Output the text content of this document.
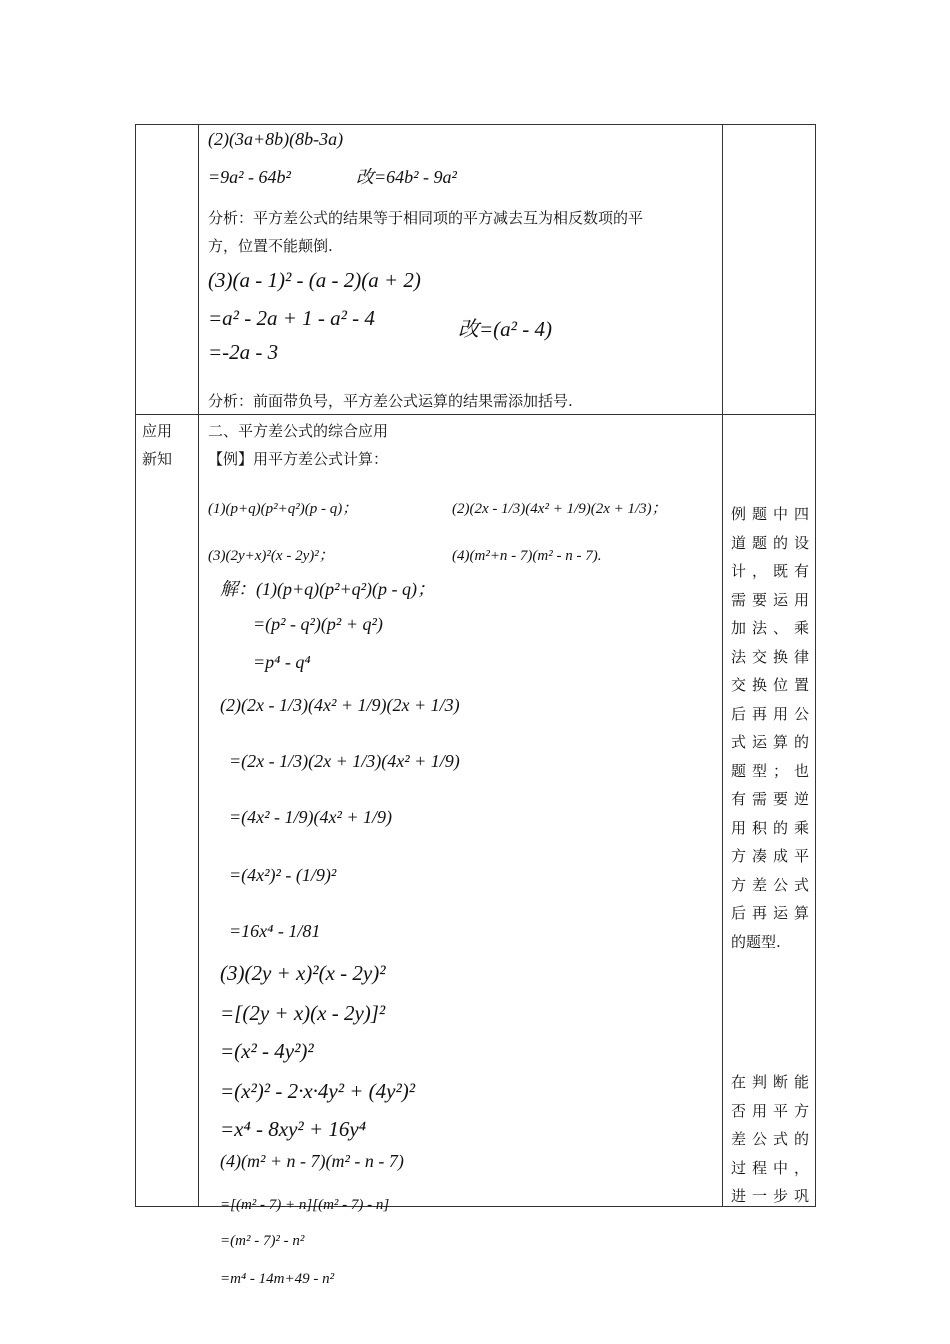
(2)(3a+8b)(8b-3a)
=9a² - 64b²	改=64b² - 9a²
分析：平方差公式的结果等于相同项的平方减去互为相反数项的平
方，位置不能颠倒.
(3)(a - 1)² - (a - 2)(a + 2)
=a² - 2a + 1 - a² - 4	改=(a² - 4)
=-2a - 3
分析：前面带负号，平方差公式运算的结果需添加括号.
应用
新知
二、平方差公式的综合应用
【例】用平方差公式计算：
(1)(p+q)(p²+q²)(p - q)；	(2)(2x - 1/3)(4x² + 1/9)(2x + 1/3)；
(3)(2y+x)²(x - 2y)²；	(4)(m²+n - 7)(m² - n - 7).
解：(1)(p+q)(p²+q²)(p - q)；
=(p² - q²)(p² + q²)
=p⁴ - q⁴
(2)(2x - 1/3)(4x² + 1/9)(2x + 1/3)
=(2x - 1/3)(2x + 1/3)(4x² + 1/9)
=(4x² - 1/9)(4x² + 1/9)
=(4x²)² - (1/9)²
=16x⁴ - 1/81
(3)(2y + x)²(x - 2y)²
=[(2y + x)(x - 2y)]²
=(x² - 4y²)²
=(x²)² - 2·x·4y² + (4y²)²
=x⁴ - 8xy² + 16y⁴
(4)(m² + n - 7)(m² - n - 7)
=[(m² - 7) + n][(m² - 7) - n]
=(m² - 7)² - n²
=m⁴ - 14m+49 - n²
例题中四
道题的设
计，既有
需要运用
加法、乘
法交换律
交换位置
后再用公
式运算的
题型；也
有需要逆
用积的乘
方凑成平
方差公式
后再运算
的题型.
在判断能
否用平方
差公式的
过程中，
进一步巩
